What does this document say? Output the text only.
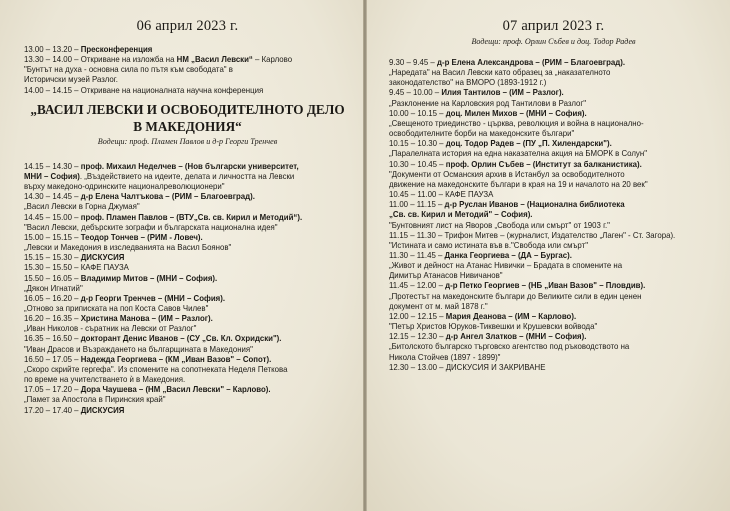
06 април 2023 г.

13.00 – 13.20 – Пресконференция

13.30 – 14.00 – Откриване на изложба на НМ „Васил Левски“ – Карлово

"Бунтът на духа - основна сила по пътя към свободата" в

Историчски музей Разлог.

14.00 – 14.15 – Откриване на националната научна конференция

„ВАСИЛ ЛЕВСКИ И ОСВОБОДИТЕЛНОТО ДЕЛО
В МАКЕДОНИЯ“
Водещи: проф. Пламен Павлов и д-р Георги Тренчев

14.15 – 14.30 – проф. Михаил Неделчев – (Нов български университет,

МНИ – София). „Въздействието на идеите, делата и личността на Левски

върху македоно-одринските националреволюционери"

14.30 – 14.45 – д-р Елена Чалтъкова – (РИМ – Благоевград).

„Васил Левски в Горна Джумая"

14.45 – 15.00 – проф. Пламен Павлов – (ВТУ„Св. св. Кирил и Методий“).

"Васил Левски, дебърските зографи и българската национална идея"

15.00 – 15.15 – Теодор Тончев – (РИМ - Ловеч).

„Левски и Македония в изследванията на Васил Боянов"

15.15 – 15.30 – ДИСКУСИЯ

15.30 – 15.50 – КАФЕ ПАУЗА

15.50 – 16.05 – Владимир Митов – (МНИ – София).

„Дякон Игнатий"

16.05 – 16.20 – д-р Георги Тренчев – (МНИ – София).

„Отново за приписката на поп Коста Савов Чилев"

16.20 – 16.35 – Христина Манова – (ИМ – Разлог).

„Иван Николов - сърaтник на Левски от Разлог"

16.35 – 16.50 – докторант Денис Иванов – (СУ „Св. Кл. Охридски").

"Иван Драсов и Възраждането на българщината в Македония"

16.50 – 17.05 – Надежда Георгиева – (КМ „Иван Вазов" – Сопот).

„Скоро скрийте гергефа". Из спомените на сопотнеката Неделя Петкова

по време на учителстването ѝ в Македония.

17.05 – 17.20 – Дора Чаушева – (НМ „Васил Левски" – Карлово).

„Памет за Апостола в Пиринския край"

17.20 – 17.40 – ДИСКУСИЯ

07 април 2023 г.
Водещи: проф. Орлин Събев и доц. Тодор Радев

9.30 – 9.45 – д-р Елена Александрова – (РИМ – Благоевград).

„Наредата" на Васил Левски като образец за „наказателното

законодателство" на ВМОРО (1893-1912 г.)

9.45 – 10.00 – Илия Тантилов – (ИМ – Разлог).

„Разклонение на Карловския род Тантилови в Разлог"

10.00 – 10.15 – доц. Милен Михов – (МНИ – София).

„Свещеното триединство - църква, революция и война в национално-

освободителните борби на македонските българи"

10.15 – 10.30 – доц. Тодор Радев – (ПУ „П. Хилендарски").

„Паралелната история на една наказателна акция на БМОРК в Солун"

10.30 – 10.45 – проф. Орлин Събев – (Институт за балканистика).

"Документи от Османския архив в Истанбул за освободителното

движение на македонските българи в края на 19 и началото на 20 век"

10.45 – 11.00 – КАФЕ ПАУЗА

11.00 – 11.15 – д-р Руслан Иванов – (Национална библиотека

„Св. св. Кирил и Методий" – София).

"Бунтовният лист на Яворов „Свобода или смърт" от 1903 г."

11.15 – 11.30 – Трифон Митев – (журналист, Издателство „Лаген" - Ст. Загора).

"Истината и само истината във в."Свобода или смърт"

11.30 – 11.45 – Данка Георгиева – (ДА – Бургас).

„Живот и дейност на Атанас Нивички – Брадата в спомените на

Димитър Атанасов Нивичанов"

11.45 – 12.00 – д-р Петко Георгиев – (НБ „Иван Вазов" – Пловдив).

„Протестът на македонските българи до Великите сили в един ценен

документ от м. май 1878 г."

12.00 – 12.15 – Мария Деанова – (ИМ – Карлово).

"Петър Христов Юруков-Тиквешки и Крушевски войвода"

12.15 – 12.30 – д-р Ангел Златков – (МНИ – София).

„Битолското българско търговско агентство под ръководството на

Никола Стойчев (1897 - 1899)"

12.30 – 13.00 – ДИСКУСИЯ И ЗАКРИВАНЕ
